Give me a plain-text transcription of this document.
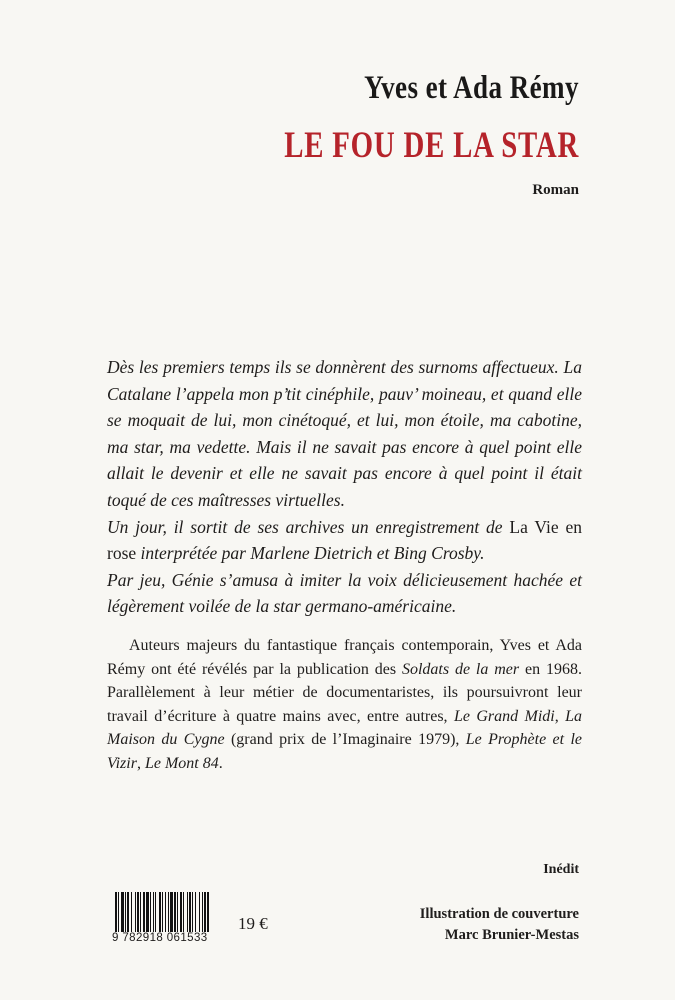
Yves et Ada Rémy
LE FOU DE LA STAR
Roman

Dès les premiers temps ils se donnèrent des surnoms affectueux. La Catalane l’appela mon p’tit cinéphile, pauv’ moineau, et quand elle se moquait de lui, mon cinétoqué, et lui, mon étoile, ma cabotine, ma star, ma vedette. Mais il ne savait pas encore à quel point elle allait le devenir et elle ne savait pas encore à quel point il était toqué de ces maîtresses virtuelles.

Un jour, il sortit de ses archives un enregistrement de La Vie en rose interprétée par Marlene Dietrich et Bing Crosby.

Par jeu, Génie s’amusa à imiter la voix délicieusement hachée et légèrement voilée de la star germano-américaine.

Auteurs majeurs du fantastique français contemporain, Yves et Ada Rémy ont été révélés par la publication des Soldats de la mer en 1968. Parallèlement à leur métier de documentaristes, ils poursuivront leur travail d’écriture à quatre mains avec, entre autres, Le Grand Midi, La Maison du Cygne (grand prix de l’Imaginaire 1979), Le Prophète et le Vizir, Le Mont 84.

Inédit
Illustration de couverture
Marc Brunier-Mestas
9 782918 061533
19 €
